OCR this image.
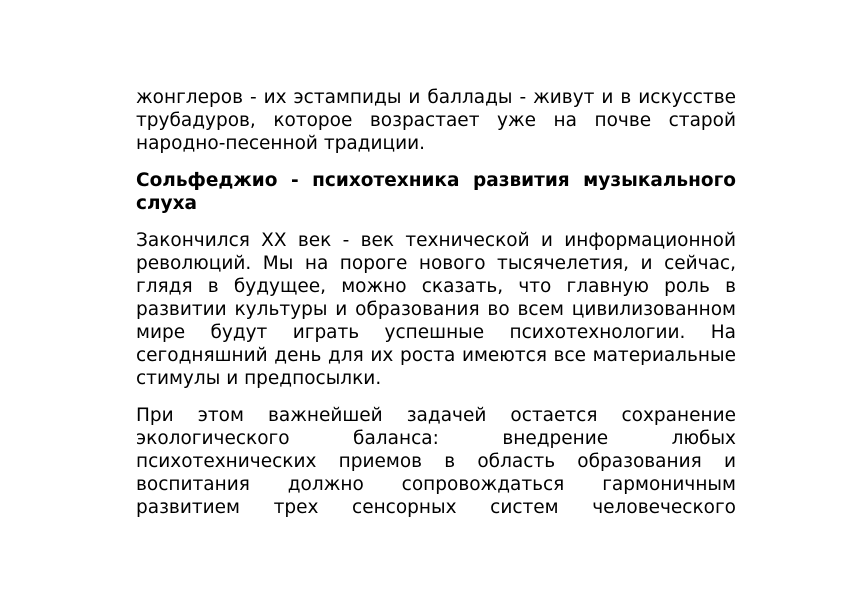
жонглеров - их эстампиды и баллады - живут и в искусстве трубадуров, которое возрастает уже на почве старой народно-песенной традиции.

Сольфеджио - психотехника развития музыкального слуха

Закончился XX век - век технической и информационной революций. Мы на пороге нового тысячелетия, и сейчас, глядя в будущее, можно сказать, что главную роль в развитии культуры и образования во всем цивилизованном мире будут играть успешные психотехнологии. На сегодняшний день для их роста имеются все материальные стимулы и предпосылки.

При этом важнейшей задачей остается сохранение экологического баланса: внедрение любых психотехнических приемов в область образования и воспитания должно сопровождаться гармоничным развитием трех сенсорных систем человеческого
